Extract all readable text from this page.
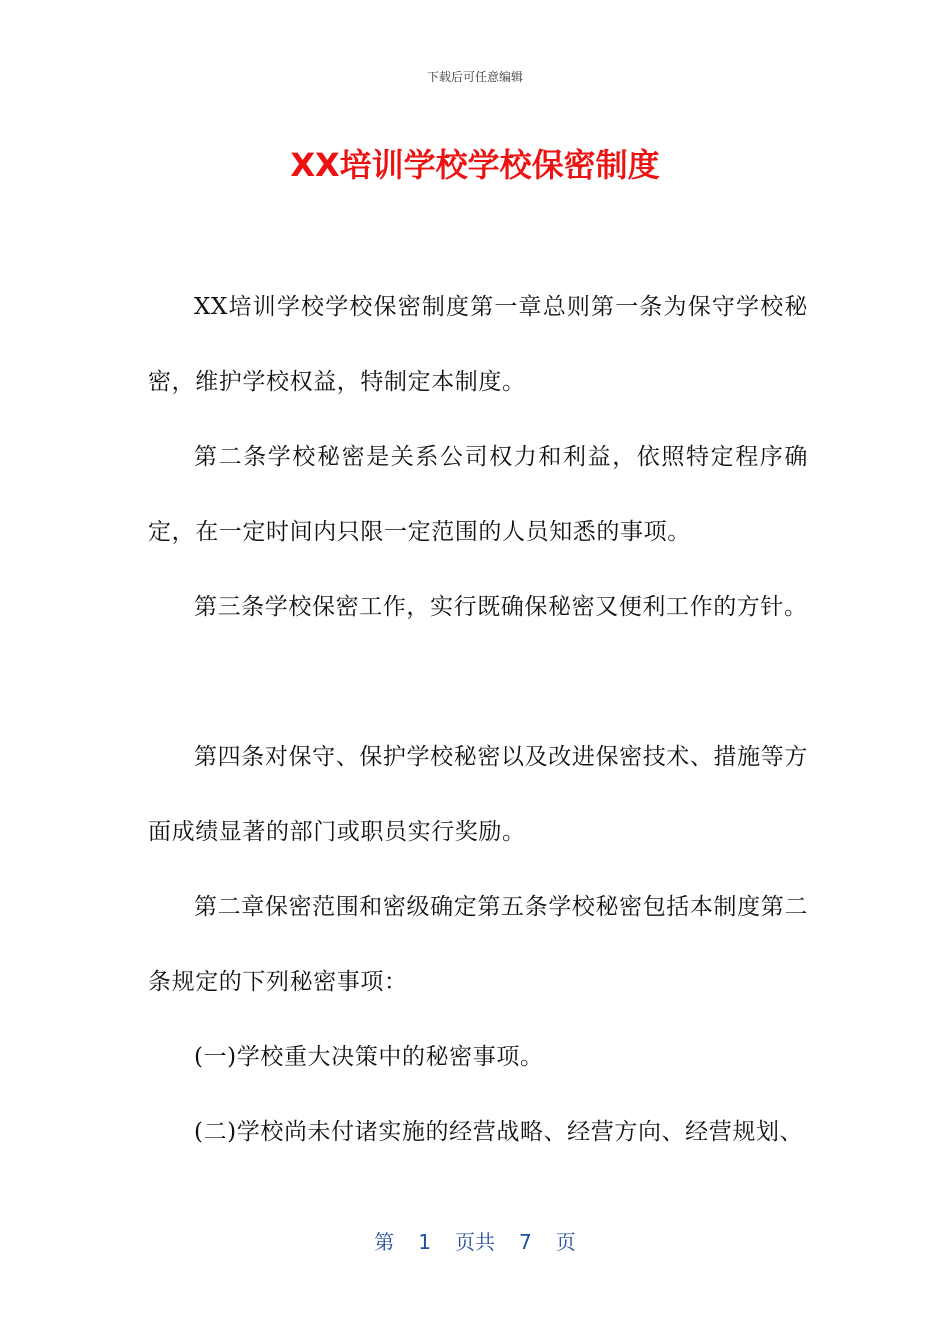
下载后可任意编辑
XX培训学校学校保密制度

XX培训学校学校保密制度第一章总则第一条为保守学校秘密，维护学校权益，特制定本制度。

第二条学校秘密是关系公司权力和利益，依照特定程序确定，在一定时间内只限一定范围的人员知悉的事项。

第三条学校保密工作，实行既确保秘密又便利工作的方针。

第四条对保守、保护学校秘密以及改进保密技术、措施等方面成绩显著的部门或职员实行奖励。

第二章保密范围和密级确定第五条学校秘密包括本制度第二条规定的下列秘密事项：

(一)学校重大决策中的秘密事项。

(二)学校尚未付诸实施的经营战略、经营方向、经营规划、

第 1 页共 7 页
